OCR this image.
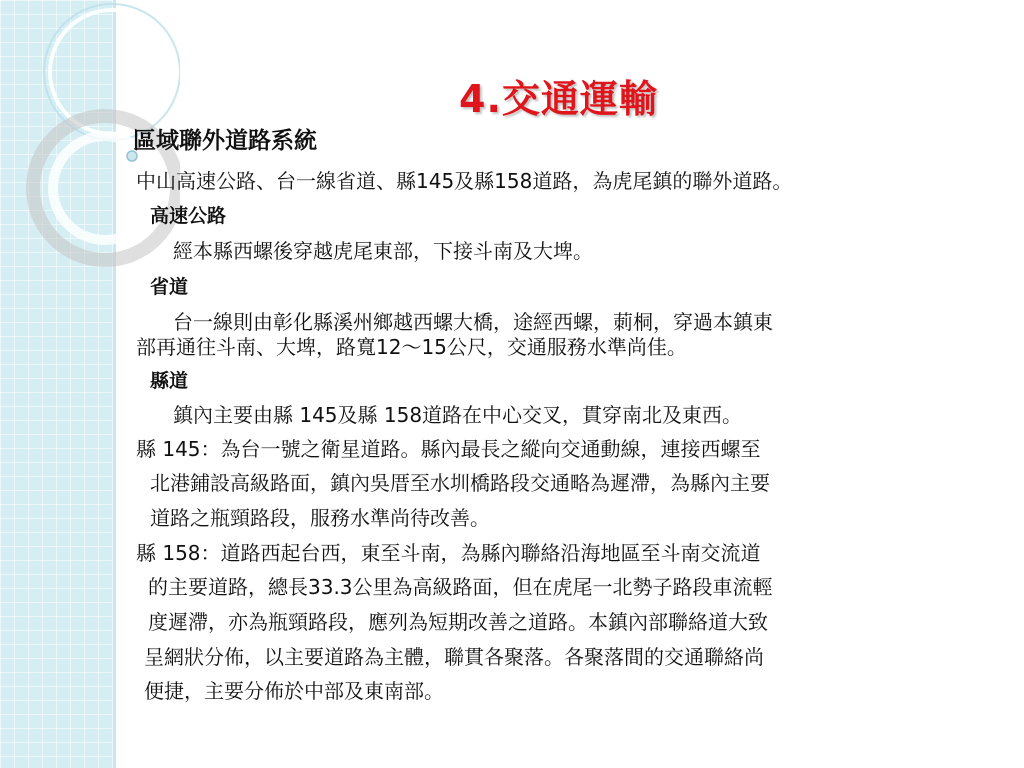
4.交通運輸
區域聯外道路系統
中山高速公路、台一線省道、縣145及縣158道路，為虎尾鎮的聯外道路。
高速公路
經本縣西螺後穿越虎尾東部，下接斗南及大埤。
省道
台一線則由彰化縣溪州鄉越西螺大橋，途經西螺，莿桐，穿過本鎮東
部再通往斗南、大埤，路寬12～15公尺，交通服務水準尚佳。
縣道
鎮內主要由縣 145及縣 158道路在中心交叉，貫穿南北及東西。
縣 145：為台一號之衛星道路。縣內最長之縱向交通動線，連接西螺至
北港鋪設高級路面，鎮內吳厝至水圳橋路段交通略為遲滯，為縣內主要
道路之瓶頸路段，服務水準尚待改善。
縣 158：道路西起台西，東至斗南，為縣內聯絡沿海地區至斗南交流道
的主要道路，總長33.3公里為高級路面，但在虎尾一北勢子路段車流輕
度遲滯，亦為瓶頸路段，應列為短期改善之道路。本鎮內部聯絡道大致
呈網狀分佈，以主要道路為主體，聯貫各聚落。各聚落間的交通聯絡尚
便捷，主要分佈於中部及東南部。
